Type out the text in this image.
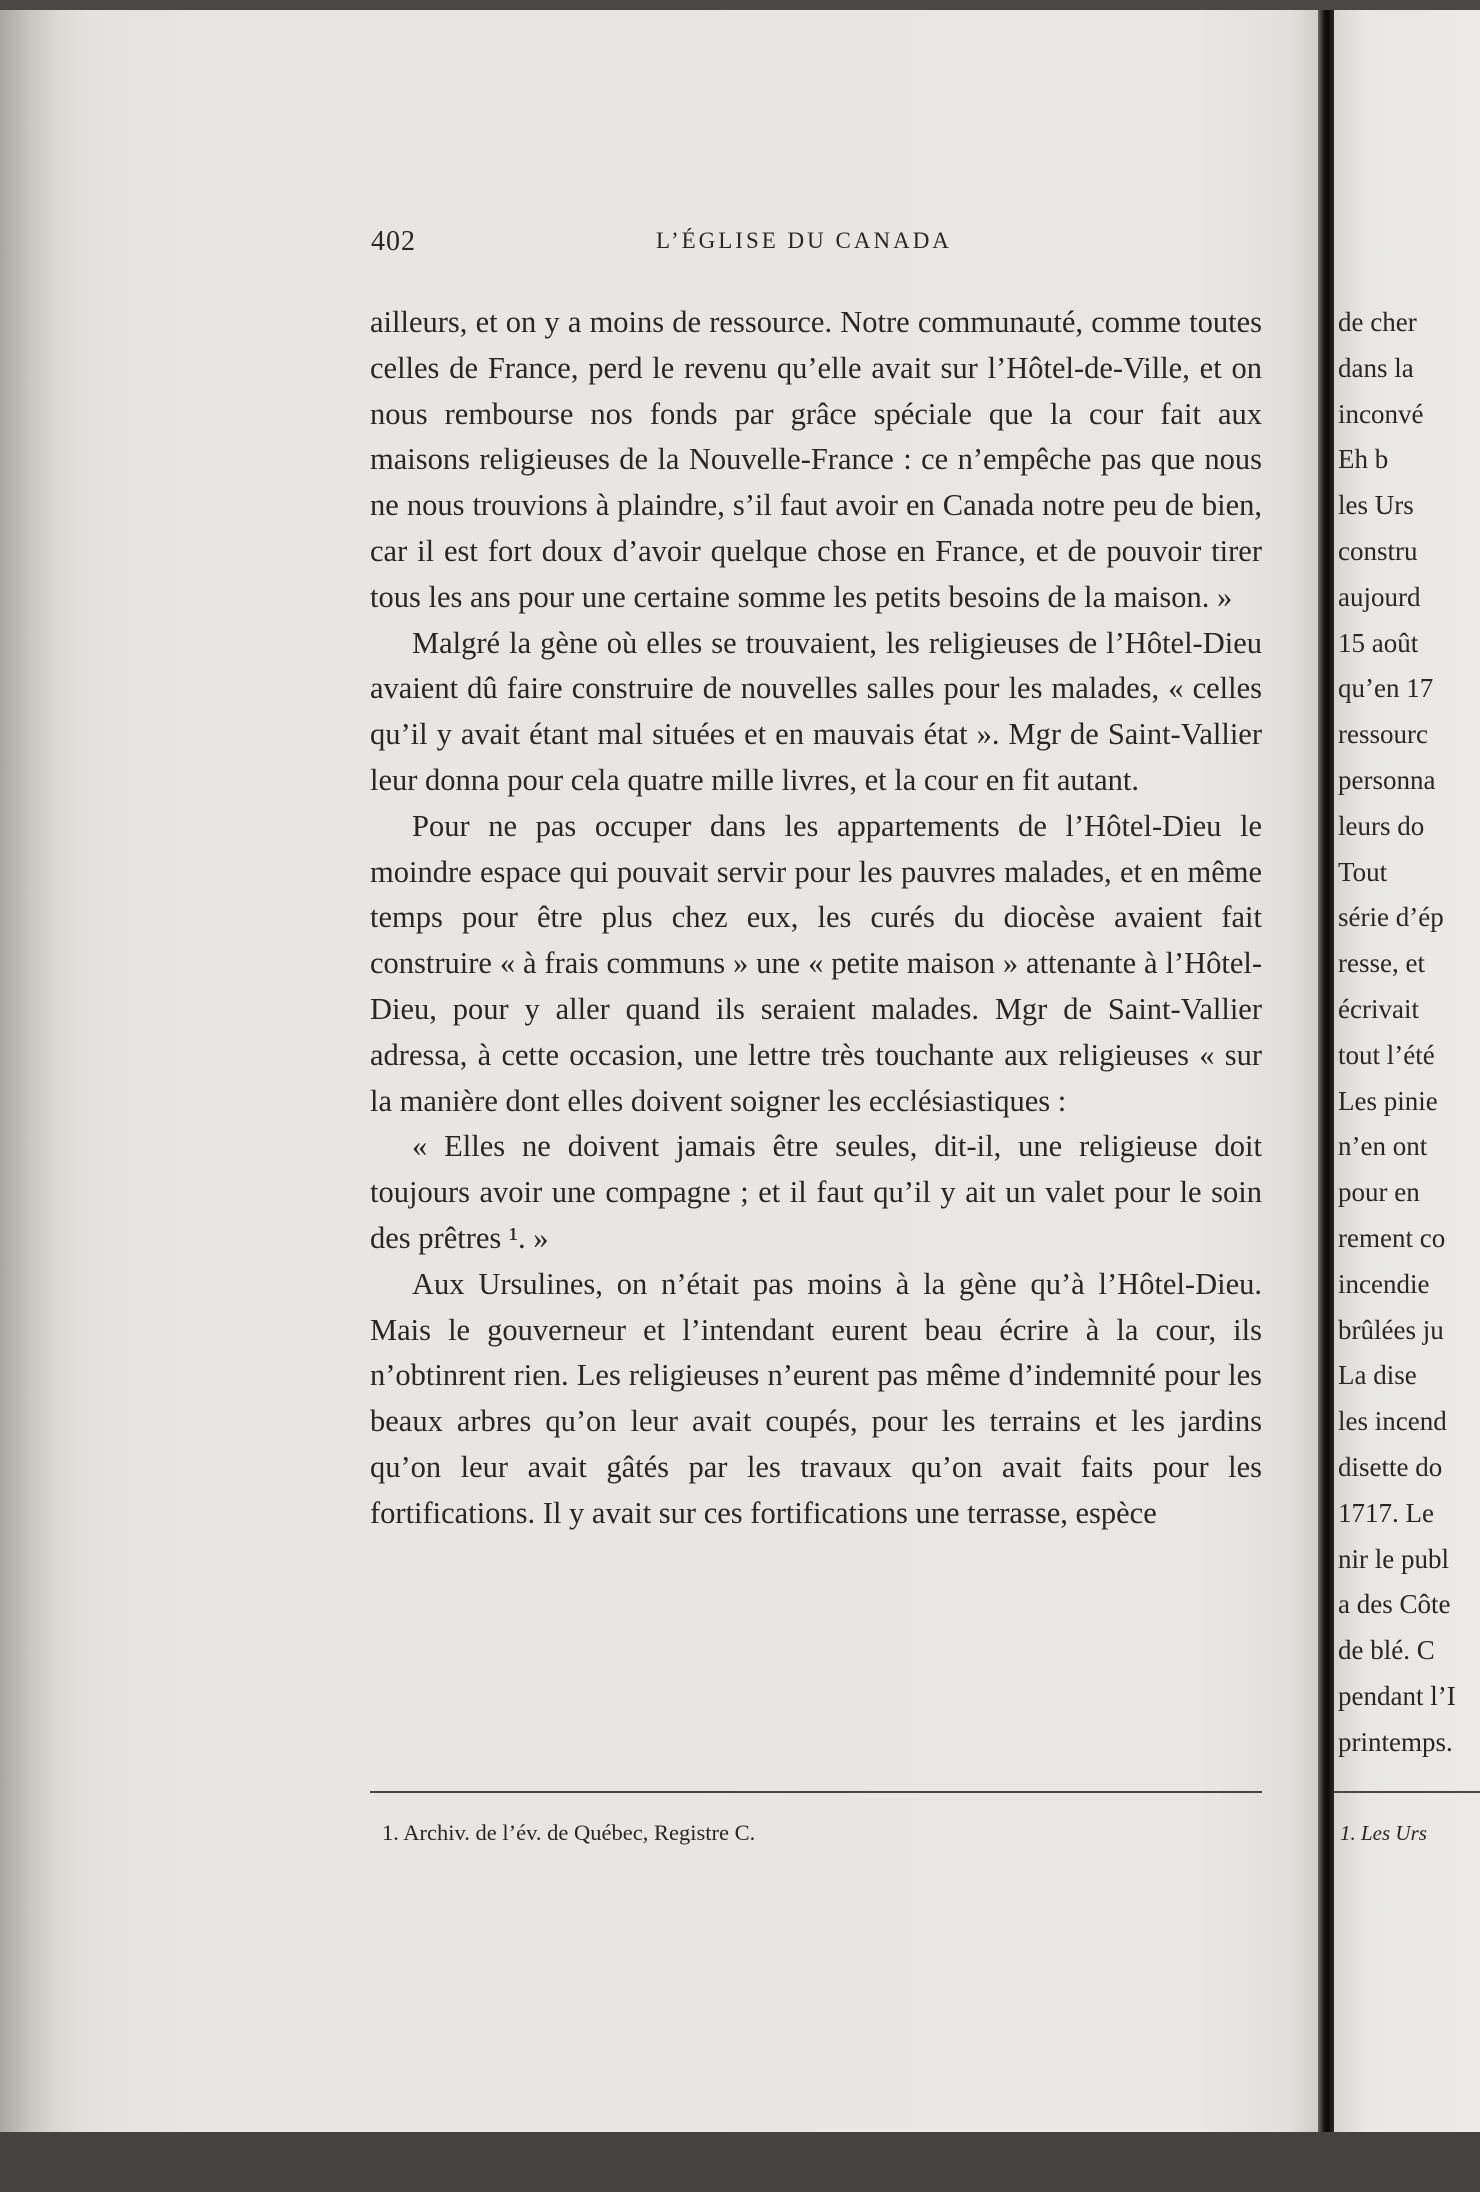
402	L’ÉGLISE DU CANADA

ailleurs, et on y a moins de ressource. Notre communauté, comme toutes celles de France, perd le revenu qu’elle avait sur l’Hôtel-de-Ville, et on nous rembourse nos fonds par grâce spéciale que la cour fait aux maisons religieuses de la Nouvelle-France : ce n’empêche pas que nous ne nous trouvions à plaindre, s’il faut avoir en Canada notre peu de bien, car il est fort doux d’avoir quelque chose en France, et de pouvoir tirer tous les ans pour une certaine somme les petits besoins de la maison. »

Malgré la gène où elles se trouvaient, les religieuses de l’Hôtel-Dieu avaient dû faire construire de nouvelles salles pour les malades, « celles qu’il y avait étant mal situées et en mauvais état ». Mgr de Saint-Vallier leur donna pour cela quatre mille livres, et la cour en fit autant.

Pour ne pas occuper dans les appartements de l’Hôtel-Dieu le moindre espace qui pouvait servir pour les pauvres malades, et en même temps pour être plus chez eux, les curés du diocèse avaient fait construire « à frais communs » une « petite maison » attenante à l’Hôtel-Dieu, pour y aller quand ils seraient malades. Mgr de Saint-Vallier adressa, à cette occasion, une lettre très touchante aux religieuses « sur la manière dont elles doivent soigner les ecclésiastiques :

« Elles ne doivent jamais être seules, dit-il, une religieuse doit toujours avoir une compagne ; et il faut qu’il y ait un valet pour le soin des prêtres ¹. »

Aux Ursulines, on n’était pas moins à la gène qu’à l’Hôtel-Dieu. Mais le gouverneur et l’intendant eurent beau écrire à la cour, ils n’obtinrent rien. Les religieuses n’eurent pas même d’indemnité pour les beaux arbres qu’on leur avait coupés, pour les terrains et les jardins qu’on leur avait gâtés par les travaux qu’on avait faits pour les fortifications. Il y avait sur ces fortifications une terrasse, espèce

1. Archiv. de l’év. de Québec, Registre C.
de cher
dans la
inconvé
Eh b
les Urs
constru
aujourd
15 août
qu’en 17
ressourc
personna
leurs do
Tout
série d’ép
resse, et
écrivait
tout l’été
Les pinie
n’en ont
pour en
rement co
incendie
brûlées ju
La dise
les incend
disette do
1717. Le
nir le publ
a des Côte
de blé. C
pendant l’I
printemps.
1. Les Urs
